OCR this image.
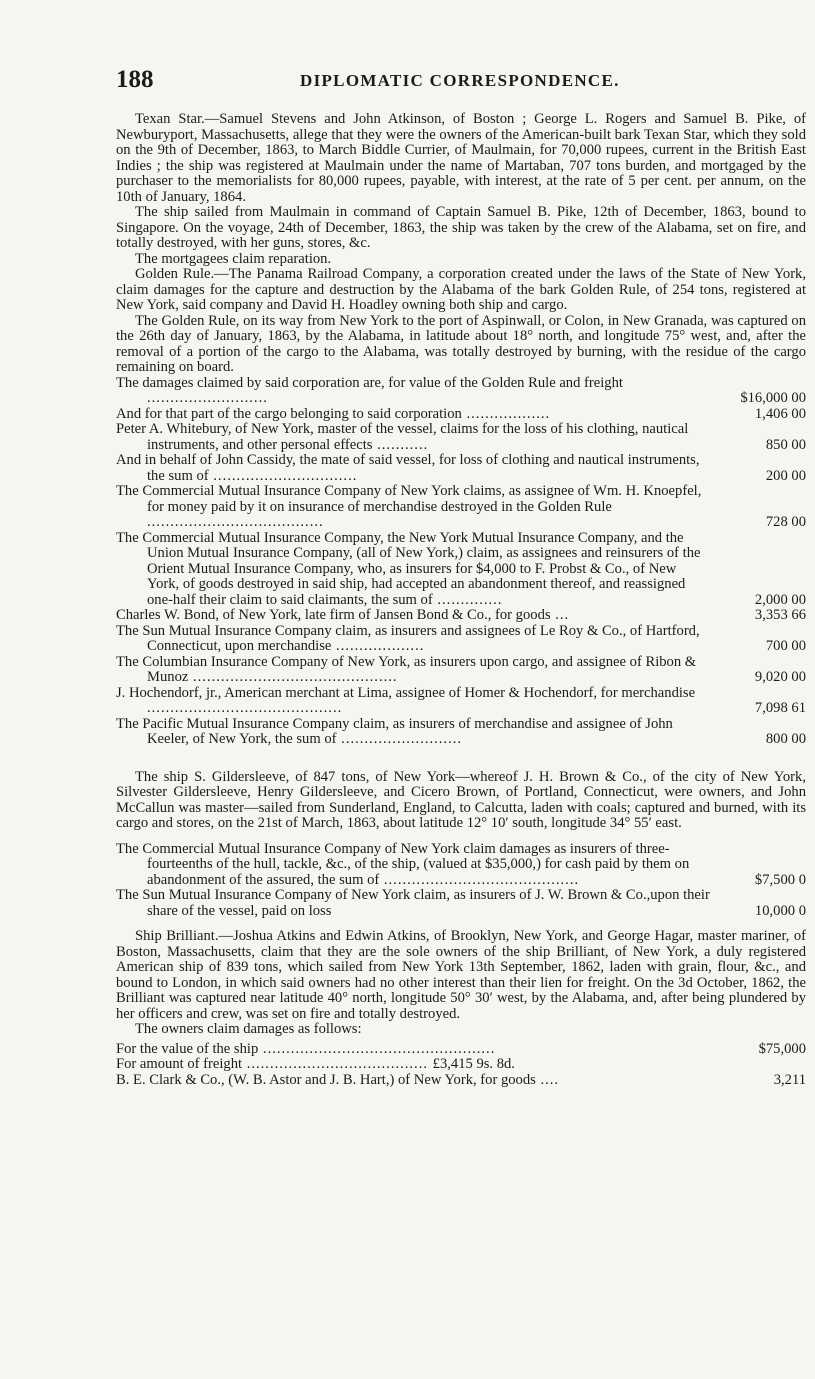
188	DIPLOMATIC CORRESPONDENCE.

Texan Star.—Samuel Stevens and John Atkinson, of Boston ; George L. Rogers and Samuel B. Pike, of Newburyport, Massachusetts, allege that they were the owners of the American-built bark Texan Star, which they sold on the 9th of December, 1863, to March Biddle Currier, of Maulmain, for 70,000 rupees, current in the British East Indies ; the ship was registered at Maulmain under the name of Martaban, 707 tons burden, and mortgaged by the purchaser to the memorialists for 80,000 rupees, payable, with interest, at the rate of 5 per cent. per annum, on the 10th of January, 1864.

The ship sailed from Maulmain in command of Captain Samuel B. Pike, 12th of December, 1863, bound to Singapore. On the voyage, 24th of December, 1863, the ship was taken by the crew of the Alabama, set on fire, and totally destroyed, with her guns, stores, &c.

The mortgagees claim reparation.

Golden Rule.—The Panama Railroad Company, a corporation created under the laws of the State of New York, claim damages for the capture and destruction by the Alabama of the bark Golden Rule, of 254 tons, registered at New York, said company and David H. Hoadley owning both ship and cargo.

The Golden Rule, on its way from New York to the port of Aspinwall, or Colon, in New Granada, was captured on the 26th day of January, 1863, by the Alabama, in latitude about 18° north, and longitude 75° west, and, after the removal of a portion of the cargo to the Alabama, was totally destroyed by burning, with the residue of the cargo remaining on board.

The damages claimed by said corporation are, for value of the Golden Rule and freight ..........................	$16,000 00
And for that part of the cargo belonging to said corporation ..................	1,406 00
Peter A. Whitebury, of New York, master of the vessel, claims for the loss of his clothing, nautical instruments, and other personal effects ...........	850 00
And in behalf of John Cassidy, the mate of said vessel, for loss of clothing and nautical instruments, the sum of ...............................	200 00
The Commercial Mutual Insurance Company of New York claims, as assignee of Wm. H. Knoepfel, for money paid by it on insurance of merchandise destroyed in the Golden Rule ......................................	728 00
The Commercial Mutual Insurance Company, the New York Mutual Insurance Company, and the Union Mutual Insurance Company, (all of New York,) claim, as assignees and reinsurers of the Orient Mutual Insurance Company, who, as insurers for $4,000 to F. Probst & Co., of New York, of goods destroyed in said ship, had accepted an abandonment thereof, and reassigned one-half their claim to said claimants, the sum of ..............	2,000 00
Charles W. Bond, of New York, late firm of Jansen Bond & Co., for goods ...	3,353 66
The Sun Mutual Insurance Company claim, as insurers and assignees of Le Roy & Co., of Hartford, Connecticut, upon merchandise ...................	700 00
The Columbian Insurance Company of New York, as insurers upon cargo, and assignee of Ribon & Munoz ............................................	9,020 00
J. Hochendorf, jr., American merchant at Lima, assignee of Homer & Hochendorf, for merchandise ..........................................	7,098 61
The Pacific Mutual Insurance Company claim, as insurers of merchandise and assignee of John Keeler, of New York, the sum of ..........................	800 00

The ship S. Gildersleeve, of 847 tons, of New York—whereof J. H. Brown & Co., of the city of New York, Silvester Gildersleeve, Henry Gildersleeve, and Cicero Brown, of Portland, Connecticut, were owners, and John McCallun was master—sailed from Sunderland, England, to Calcutta, laden with coals; captured and burned, with its cargo and stores, on the 21st of March, 1863, about latitude 12° 10′ south, longitude 34° 55′ east.

The Commercial Mutual Insurance Company of New York claim damages as insurers of three-fourteenths of the hull, tackle, &c., of the ship, (valued at $35,000,) for cash paid by them on abandonment of the assured, the sum of ..........................................	$7,500 0
The Sun Mutual Insurance Company of New York claim, as insurers of J. W. Brown & Co.,upon their share of the vessel, paid on loss	10,000 0

Ship Brilliant.—Joshua Atkins and Edwin Atkins, of Brooklyn, New York, and George Hagar, master mariner, of Boston, Massachusetts, claim that they are the sole owners of the ship Brilliant, of New York, a duly registered American ship of 839 tons, which sailed from New York 13th September, 1862, laden with grain, flour, &c., and bound to London, in which said owners had no other interest than their lien for freight. On the 3d October, 1862, the Brilliant was captured near latitude 40° north, longitude 50° 30′ west, by the Alabama, and, after being plundered by her officers and crew, was set on fire and totally destroyed.

The owners claim damages as follows:

For the value of the ship ..................................................	$75,000
For amount of freight ....................................... £3,415 9s. 8d.	
B. E. Clark & Co., (W. B. Astor and J. B. Hart,) of New York, for goods ....	3,211
